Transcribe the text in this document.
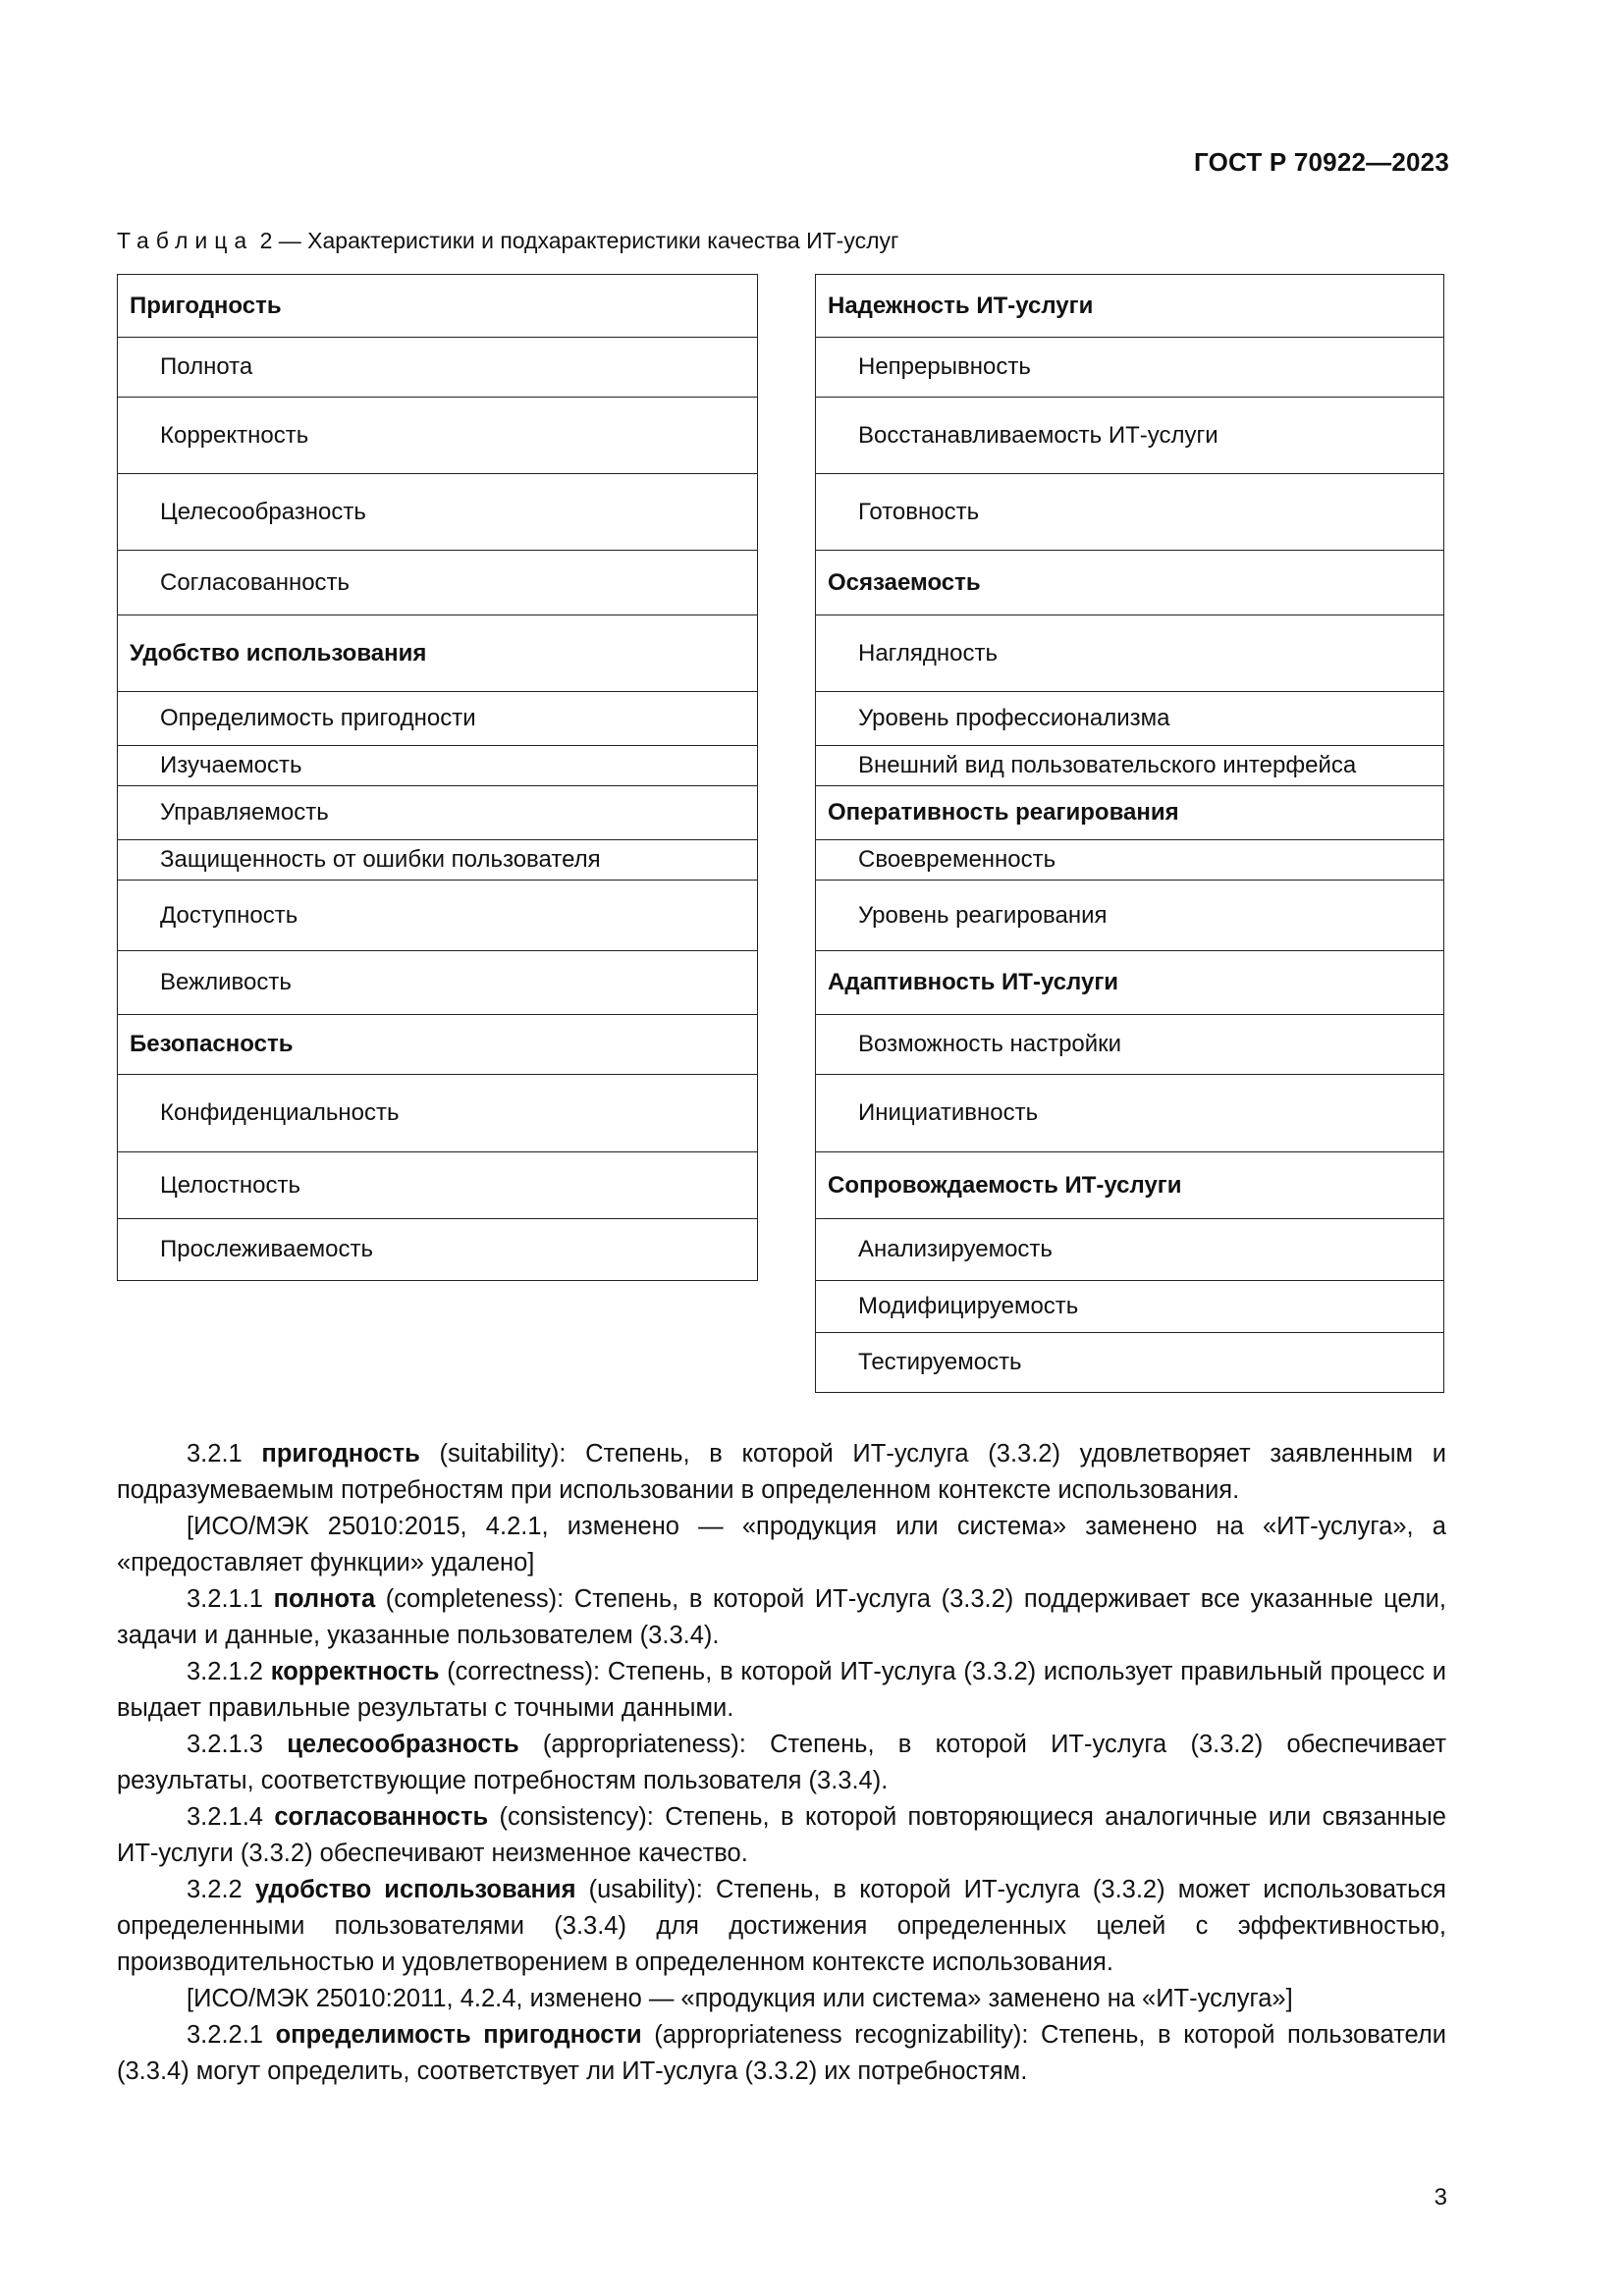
ГОСТ Р 70922—2023
Таблица 2 — Характеристики и подхарактеристики качества ИТ-услуг
Пригодность
Полнота
Корректность
Целесообразность
Согласованность
Удобство использования
Определимость пригодности
Изучаемость
Управляемость
Защищенность от ошибки пользователя
Доступность
Вежливость
Безопасность
Конфиденциальность
Целостность
Прослеживаемость
Надежность ИТ-услуги
Непрерывность
Восстанавливаемость ИТ-услуги
Готовность
Осязаемость
Наглядность
Уровень профессионализма
Внешний вид пользовательского интерфейса
Оперативность реагирования
Своевременность
Уровень реагирования
Адаптивность ИТ-услуги
Возможность настройки
Инициативность
Сопровождаемость ИТ-услуги
Анализируемость
Модифицируемость
Тестируемость

3.2.1 пригодность (suitability): Степень, в которой ИТ-услуга (3.3.2) удовлетворяет заявленным и подразумеваемым потребностям при использовании в определенном контексте использования.

[ИСО/МЭК 25010:2015, 4.2.1, изменено — «продукция или система» заменено на «ИТ-услуга», а «предоставляет функции» удалено]

3.2.1.1 полнота (completeness): Степень, в которой ИТ-услуга (3.3.2) поддерживает все указанные цели, задачи и данные, указанные пользователем (3.3.4).

3.2.1.2 корректность (correctness): Степень, в которой ИТ-услуга (3.3.2) использует правильный процесс и выдает правильные результаты с точными данными.

3.2.1.3 целесообразность (appropriateness): Степень, в которой ИТ-услуга (3.3.2) обеспечивает результаты, соответствующие потребностям пользователя (3.3.4).

3.2.1.4 согласованность (consistency): Степень, в которой повторяющиеся аналогичные или связанные ИТ-услуги (3.3.2) обеспечивают неизменное качество.

3.2.2 удобство использования (usability): Степень, в которой ИТ-услуга (3.3.2) может использоваться определенными пользователями (3.3.4) для достижения определенных целей с эффективностью, производительностью и удовлетворением в определенном контексте использования.

[ИСО/МЭК 25010:2011, 4.2.4, изменено — «продукция или система» заменено на «ИТ-услуга»]

3.2.2.1 определимость пригодности (appropriateness recognizability): Степень, в которой пользователи (3.3.4) могут определить, соответствует ли ИТ-услуга (3.3.2) их потребностям.

3
